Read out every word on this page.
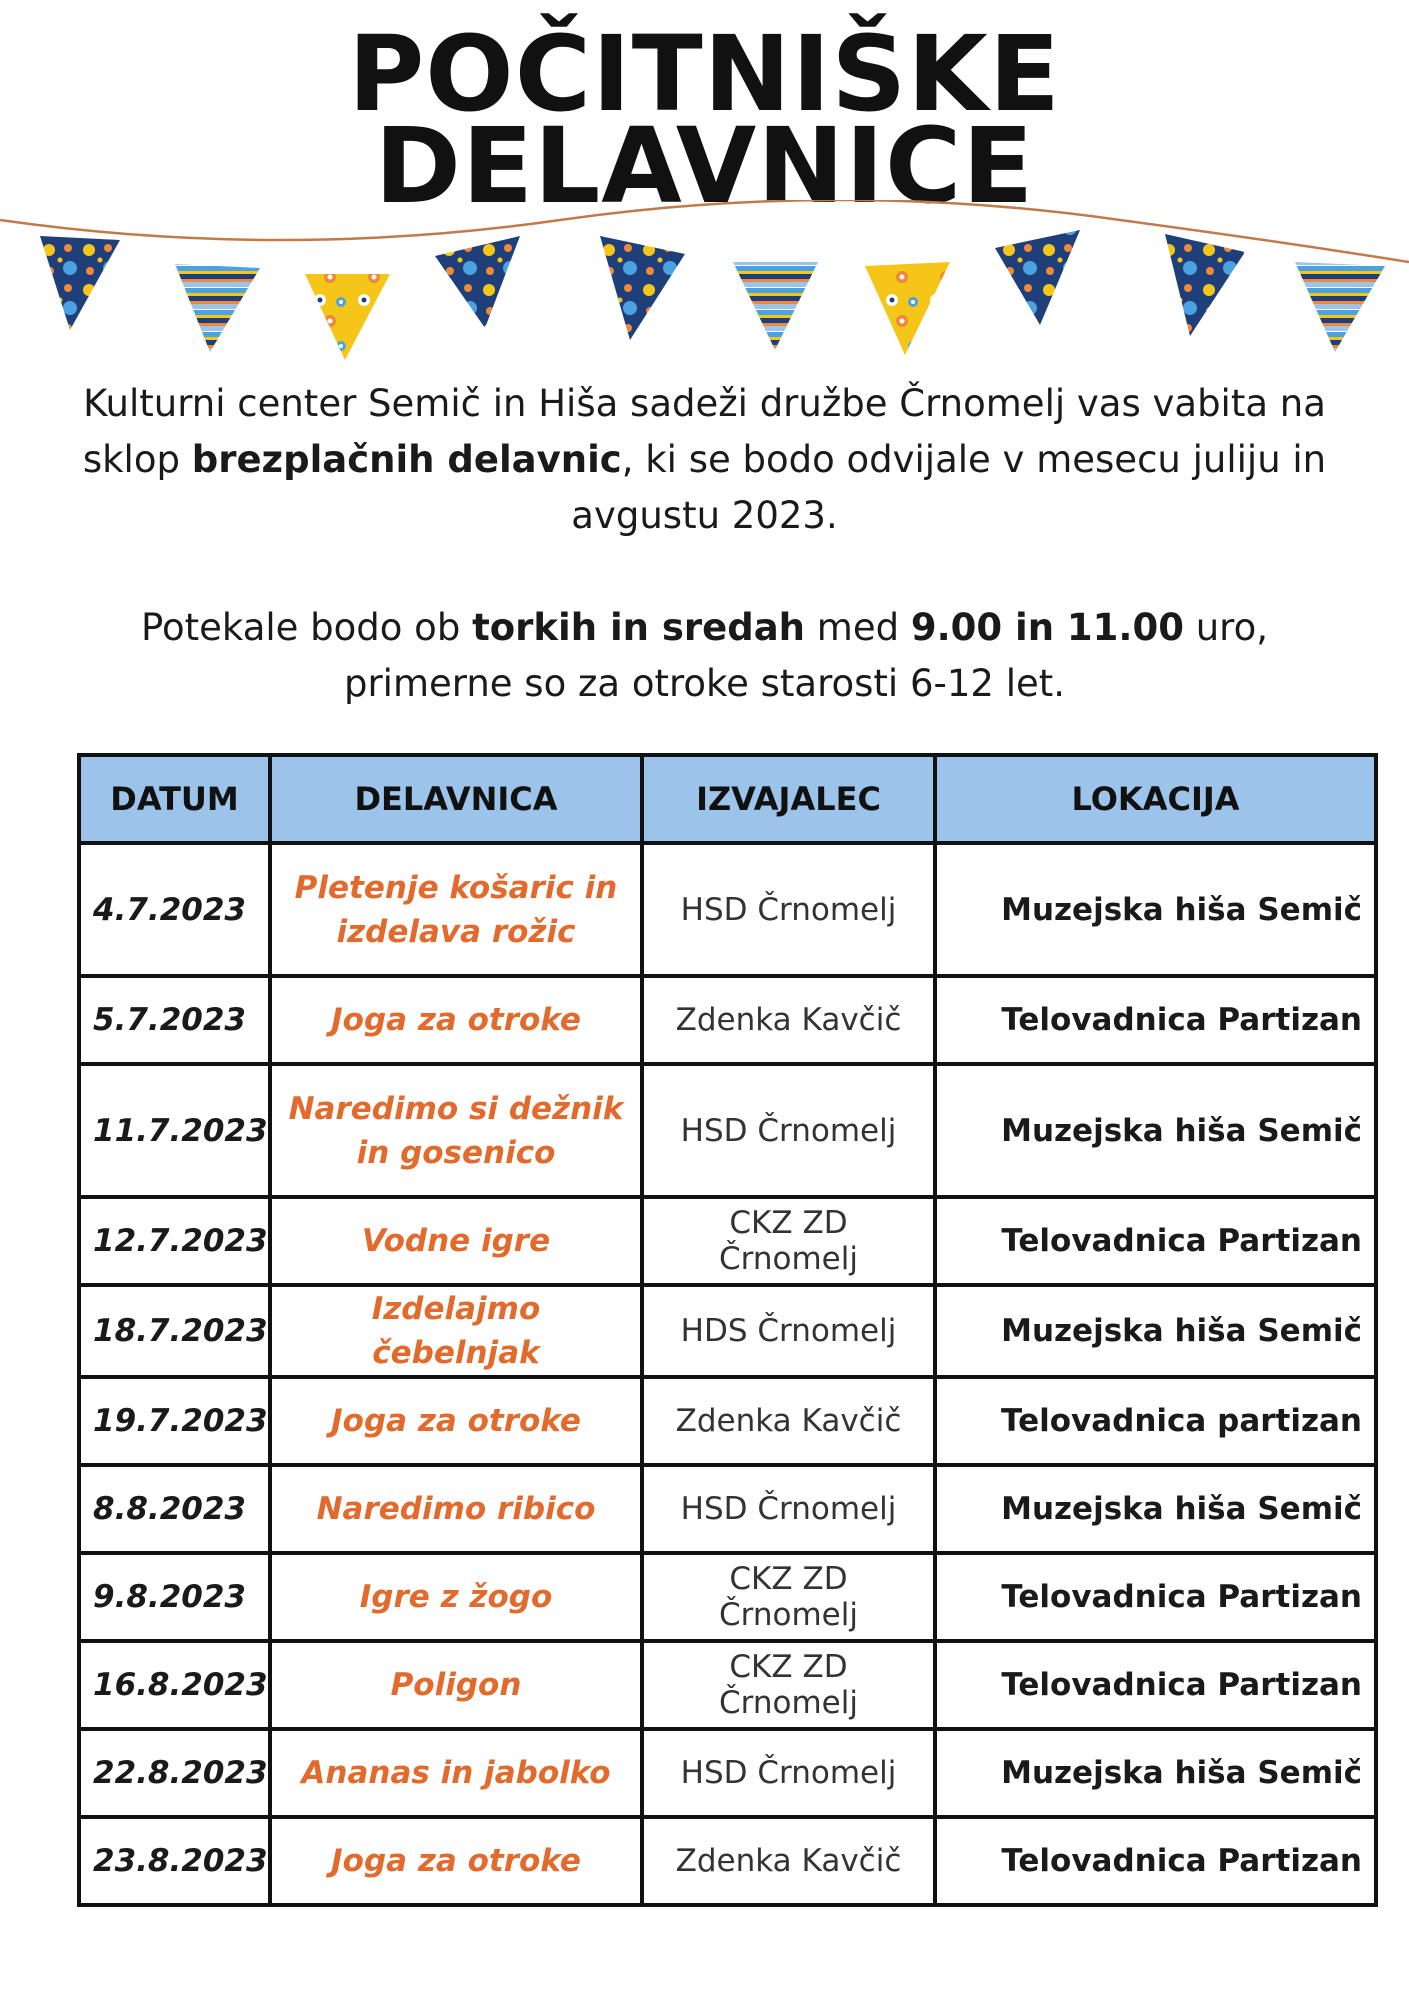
POČITNIŠKE
DELAVNICE
Kulturni center Semič in Hiša sadeži družbe Črnomelj vas vabita na sklop brezplačnih delavnic, ki se bodo odvijale v mesecu juliju in avgustu 2023.
Potekale bodo ob torkih in sredah med 9.00 in 11.00 uro, primerne so za otroke starosti 6-12 let.
DATUM	DELAVNICA	IZVAJALEC	LOKACIJA
4.7.2023	Pletenje košaric in izdelava rožic	HSD Črnomelj	Muzejska hiša Semič
5.7.2023	Joga za otroke	Zdenka Kavčič	Telovadnica Partizan
11.7.2023	Naredimo si dežnik in gosenico	HSD Črnomelj	Muzejska hiša Semič
12.7.2023	Vodne igre	CKZ ZD Črnomelj	Telovadnica Partizan
18.7.2023	Izdelajmo čebelnjak	HDS Črnomelj	Muzejska hiša Semič
19.7.2023	Joga za otroke	Zdenka Kavčič	Telovadnica partizan
8.8.2023	Naredimo ribico	HSD Črnomelj	Muzejska hiša Semič
9.8.2023	Igre z žogo	CKZ ZD Črnomelj	Telovadnica Partizan
16.8.2023	Poligon	CKZ ZD Črnomelj	Telovadnica Partizan
22.8.2023	Ananas in jabolko	HSD Črnomelj	Muzejska hiša Semič
23.8.2023	Joga za otroke	Zdenka Kavčič	Telovadnica Partizan
